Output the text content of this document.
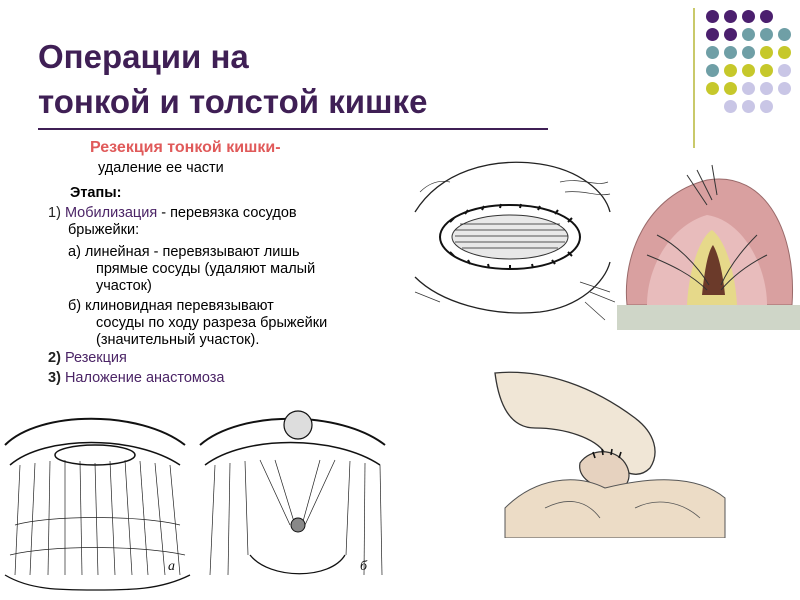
Операции на
тонкой и толстой кишке
Резекция тонкой кишки-
удаление ее части
Этапы:
1) Мобилизация - перевязка сосудов
брыжейки:
а) линейная - перевязывают лишь
прямые сосуды (удаляют малый
участок)
б) клиновидная перевязывают
сосуды по ходу разреза брыжейки
(значительный участок).
2) Резекция
3) Наложение анастомоза
а	б
